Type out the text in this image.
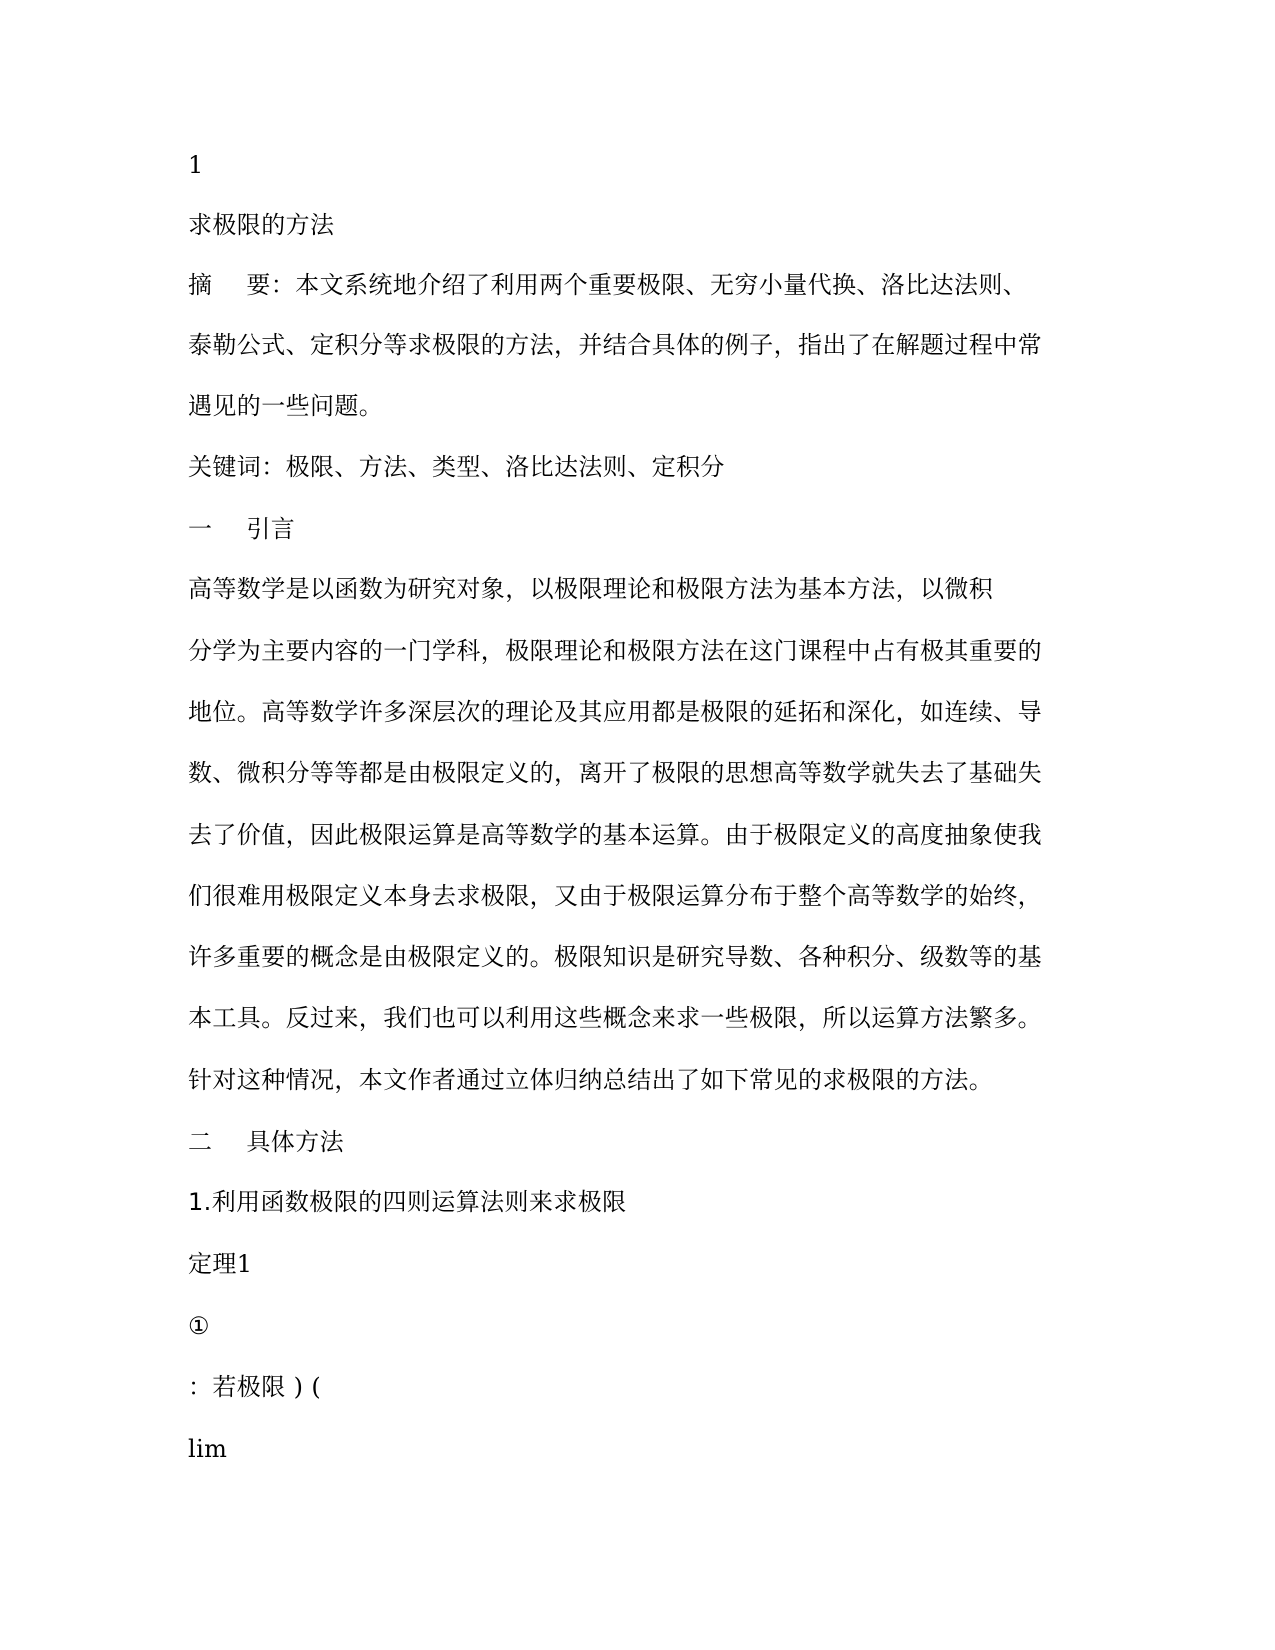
1
求极限的方法
摘 要：本文系统地介绍了利用两个重要极限、无穷小量代换、洛比达法则、
泰勒公式、定积分等求极限的方法，并结合具体的例子，指出了在解题过程中常
遇见的一些问题。
关键词：极限、方法、类型、洛比达法则、定积分
一 引言
高等数学是以函数为研究对象，以极限理论和极限方法为基本方法，以微积
分学为主要内容的一门学科，极限理论和极限方法在这门课程中占有极其重要的
地位。高等数学许多深层次的理论及其应用都是极限的延拓和深化，如连续、导
数、微积分等等都是由极限定义的，离开了极限的思想高等数学就失去了基础失
去了价值，因此极限运算是高等数学的基本运算。由于极限定义的高度抽象使我
们很难用极限定义本身去求极限，又由于极限运算分布于整个高等数学的始终，
许多重要的概念是由极限定义的。极限知识是研究导数、各种积分、级数等的基
本工具。反过来，我们也可以利用这些概念来求一些极限，所以运算方法繁多。
针对这种情况，本文作者通过立体归纳总结出了如下常见的求极限的方法。
二 具体方法
1.利用函数极限的四则运算法则来求极限
定理1
①
：若极限 ) (
lim
